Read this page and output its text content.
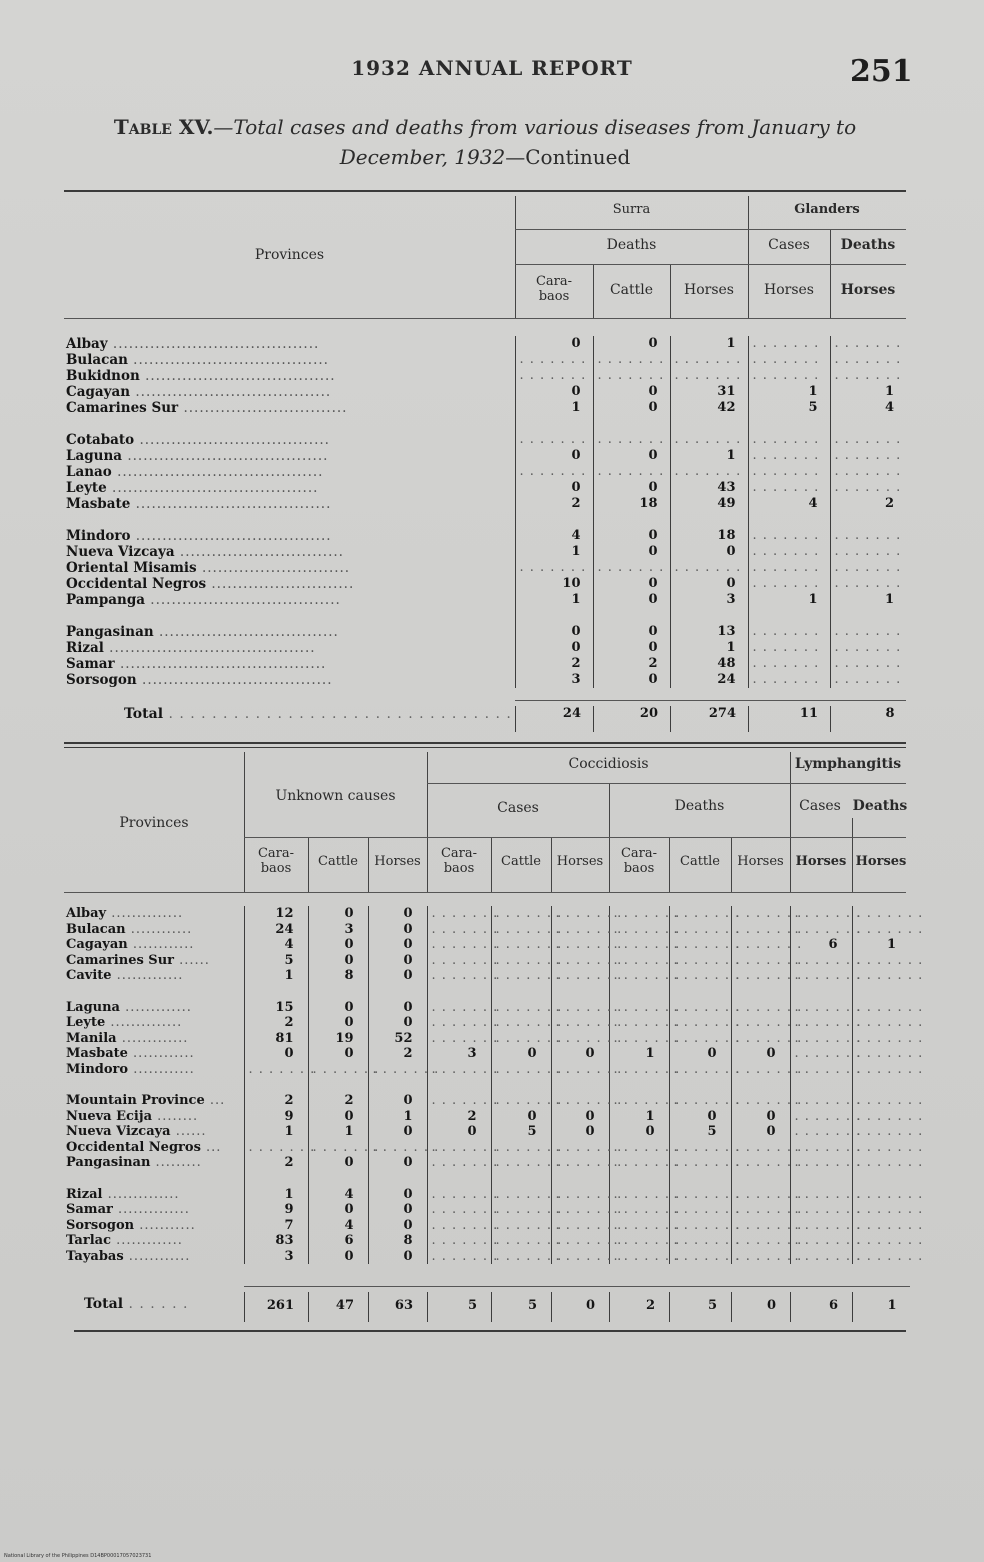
1932 ANNUAL REPORT	251
Table XV.—Total cases and deaths from various diseases from January to December, 1932—Continued
Provinces
Surra	Glanders
Deaths	Cases	Deaths
Cara-
baos	Cattle	Horses	Horses	Horses
Albay .......................................	0	0	1	. . . . . . .	. . . . . . .
Bulacan .....................................	. . . . . . .	. . . . . . .	. . . . . . .	. . . . . . .	. . . . . . .
Bukidnon ....................................	. . . . . . .	. . . . . . .	. . . . . . .	. . . . . . .	. . . . . . .
Cagayan .....................................	0	0	31	1	1
Camarines Sur ...............................	1	0	42	5	4

Cotabato ....................................	. . . . . . .	. . . . . . .	. . . . . . .	. . . . . . .	. . . . . . .
Laguna ......................................	0	0	1	. . . . . . .	. . . . . . .
Lanao .......................................	. . . . . . .	. . . . . . .	. . . . . . .	. . . . . . .	. . . . . . .
Leyte .......................................	0	0	43	. . . . . . .	. . . . . . .
Masbate .....................................	2	18	49	4	2

Mindoro .....................................	4	0	18	. . . . . . .	. . . . . . .
Nueva Vizcaya ...............................	1	0	0	. . . . . . .	. . . . . . .
Oriental Misamis ............................	. . . . . . .	. . . . . . .	. . . . . . .	. . . . . . .	. . . . . . .
Occidental Negros ...........................	10	0	0	. . . . . . .	. . . . . . .
Pampanga ....................................	1	0	3	1	1

Pangasinan ..................................	0	0	13	. . . . . . .	. . . . . . .
Rizal .......................................	0	0	1	. . . . . . .	. . . . . . .
Samar .......................................	2	2	48	. . . . . . .	. . . . . . .
Sorsogon ....................................	3	0	24	. . . . . . .	. . . . . . .
Total . . . . . . . . . . . . . . . . . . . . . . . . . . . . . . . .	24	20	274	11	8
Provinces
Unknown causes
Coccidiosis	Lymphangitis
Cases	Deaths	Cases Deaths
Cara-
baos	Cattle	Horses
Cara-
baos	Cattle	Horses
Cara-
baos	Cattle	Horses Horses Horses
Albay ..............	12	0	0	. . . . . . .	. . . . . . .	. . . . . . .	. . . . . . .	. . . . . . .	. . . . . . .	. . . . . . .	. . . . . . .
Bulacan ............	24	3	0	. . . . . . .	. . . . . . .	. . . . . . .	. . . . . . .	. . . . . . .	. . . . . . .	. . . . . . .	. . . . . . .
Cagayan ............	4	0	0	. . . . . . .	. . . . . . .	. . . . . . .	. . . . . . .	. . . . . . .	. . . . . . .	6	1
Camarines Sur ......	5	0	0	. . . . . . .	. . . . . . .	. . . . . . .	. . . . . . .	. . . . . . .	. . . . . . .	. . . . . . .	. . . . . . .
Cavite .............	1	8	0	. . . . . . .	. . . . . . .	. . . . . . .	. . . . . . .	. . . . . . .	. . . . . . .	. . . . . . .	. . . . . . .

Laguna .............	15	0	0	. . . . . . .	. . . . . . .	. . . . . . .	. . . . . . .	. . . . . . .	. . . . . . .	. . . . . . .	. . . . . . .
Leyte ..............	2	0	0	. . . . . . .	. . . . . . .	. . . . . . .	. . . . . . .	. . . . . . .	. . . . . . .	. . . . . . .	. . . . . . .
Manila .............	81	19	52	. . . . . . .	. . . . . . .	. . . . . . .	. . . . . . .	. . . . . . .	. . . . . . .	. . . . . . .	. . . . . . .
Masbate ............	0	0	2	3	0	0	1	0	0	. . . . . . .	. . . . . . .
Mindoro ............	. . . . . . .	. . . . . . .	. . . . . . .	. . . . . . .	. . . . . . .	. . . . . . .	. . . . . . .	. . . . . . .	. . . . . . .	. . . . . . .	. . . . . . .

Mountain Province ...	2	2	0	. . . . . . .	. . . . . . .	. . . . . . .	. . . . . . .	. . . . . . .	. . . . . . .	. . . . . . .	. . . . . . .
Nueva Ecija ........	9	0	1	2	0	0	1	0	0	. . . . . . .	. . . . . . .
Nueva Vizcaya ......	1	1	0	0	5	0	0	5	0	. . . . . . .	. . . . . . .
Occidental Negros ...	. . . . . . .	. . . . . . .	. . . . . . .	. . . . . . .	. . . . . . .	. . . . . . .	. . . . . . .	. . . . . . .	. . . . . . .	. . . . . . .	. . . . . . .
Pangasinan .........	2	0	0	. . . . . . .	. . . . . . .	. . . . . . .	. . . . . . .	. . . . . . .	. . . . . . .	. . . . . . .	. . . . . . .

Rizal ..............	1	4	0	. . . . . . .	. . . . . . .	. . . . . . .	. . . . . . .	. . . . . . .	. . . . . . .	. . . . . . .	. . . . . . .
Samar ..............	9	0	0	. . . . . . .	. . . . . . .	. . . . . . .	. . . . . . .	. . . . . . .	. . . . . . .	. . . . . . .	. . . . . . .
Sorsogon ...........	7	4	0	. . . . . . .	. . . . . . .	. . . . . . .	. . . . . . .	. . . . . . .	. . . . . . .	. . . . . . .	. . . . . . .
Tarlac .............	83	6	8	. . . . . . .	. . . . . . .	. . . . . . .	. . . . . . .	. . . . . . .	. . . . . . .	. . . . . . .	. . . . . . .
Tayabas ............	3	0	0	. . . . . . .	. . . . . . .	. . . . . . .	. . . . . . .	. . . . . . .	. . . . . . .	. . . . . . .	. . . . . . .
Total . . . . . .	261	47	63	5	5	0	2	5	0	6	1
National Library of the Philippines D14BP00017057023731
